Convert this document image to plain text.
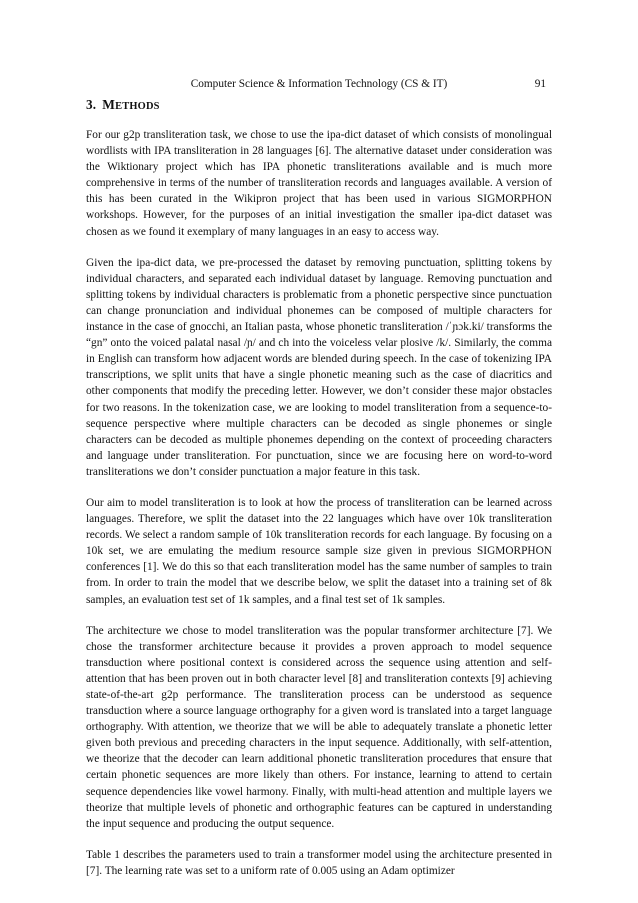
Computer Science & Information Technology (CS & IT)	91
3. METHODS

For our g2p transliteration task, we chose to use the ipa-dict dataset of which consists of monolingual wordlists with IPA transliteration in 28 languages [6]. The alternative dataset under consideration was the Wiktionary project which has IPA phonetic transliterations available and is much more comprehensive in terms of the number of transliteration records and languages available. A version of this has been curated in the Wikipron project that has been used in various SIGMORPHON workshops. However, for the purposes of an initial investigation the smaller ipa-dict dataset was chosen as we found it exemplary of many languages in an easy to access way.

Given the ipa-dict data, we pre-processed the dataset by removing punctuation, splitting tokens by individual characters, and separated each individual dataset by language. Removing punctuation and splitting tokens by individual characters is problematic from a phonetic perspective since punctuation can change pronunciation and individual phonemes can be composed of multiple characters for instance in the case of gnocchi, an Italian pasta, whose phonetic transliteration /ˈɲɔk.ki/ transforms the “gn” onto the voiced palatal nasal /ɲ/ and ch into the voiceless velar plosive /k/. Similarly, the comma in English can transform how adjacent words are blended during speech. In the case of tokenizing IPA transcriptions, we split units that have a single phonetic meaning such as the case of diacritics and other components that modify the preceding letter. However, we don’t consider these major obstacles for two reasons. In the tokenization case, we are looking to model transliteration from a sequence-to-sequence perspective where multiple characters can be decoded as single phonemes or single characters can be decoded as multiple phonemes depending on the context of proceeding characters and language under transliteration. For punctuation, since we are focusing here on word-to-word transliterations we don’t consider punctuation a major feature in this task.

Our aim to model transliteration is to look at how the process of transliteration can be learned across languages. Therefore, we split the dataset into the 22 languages which have over 10k transliteration records. We select a random sample of 10k transliteration records for each language. By focusing on a 10k set, we are emulating the medium resource sample size given in previous SIGMORPHON conferences [1]. We do this so that each transliteration model has the same number of samples to train from. In order to train the model that we describe below, we split the dataset into a training set of 8k samples, an evaluation test set of 1k samples, and a final test set of 1k samples.

The architecture we chose to model transliteration was the popular transformer architecture [7]. We chose the transformer architecture because it provides a proven approach to model sequence transduction where positional context is considered across the sequence using attention and self-attention that has been proven out in both character level [8] and transliteration contexts [9] achieving state-of-the-art g2p performance. The transliteration process can be understood as sequence transduction where a source language orthography for a given word is translated into a target language orthography. With attention, we theorize that we will be able to adequately translate a phonetic letter given both previous and preceding characters in the input sequence. Additionally, with self-attention, we theorize that the decoder can learn additional phonetic transliteration procedures that ensure that certain phonetic sequences are more likely than others. For instance, learning to attend to certain sequence dependencies like vowel harmony. Finally, with multi-head attention and multiple layers we theorize that multiple levels of phonetic and orthographic features can be captured in understanding the input sequence and producing the output sequence.

Table 1 describes the parameters used to train a transformer model using the architecture presented in [7]. The learning rate was set to a uniform rate of 0.005 using an Adam optimizer
